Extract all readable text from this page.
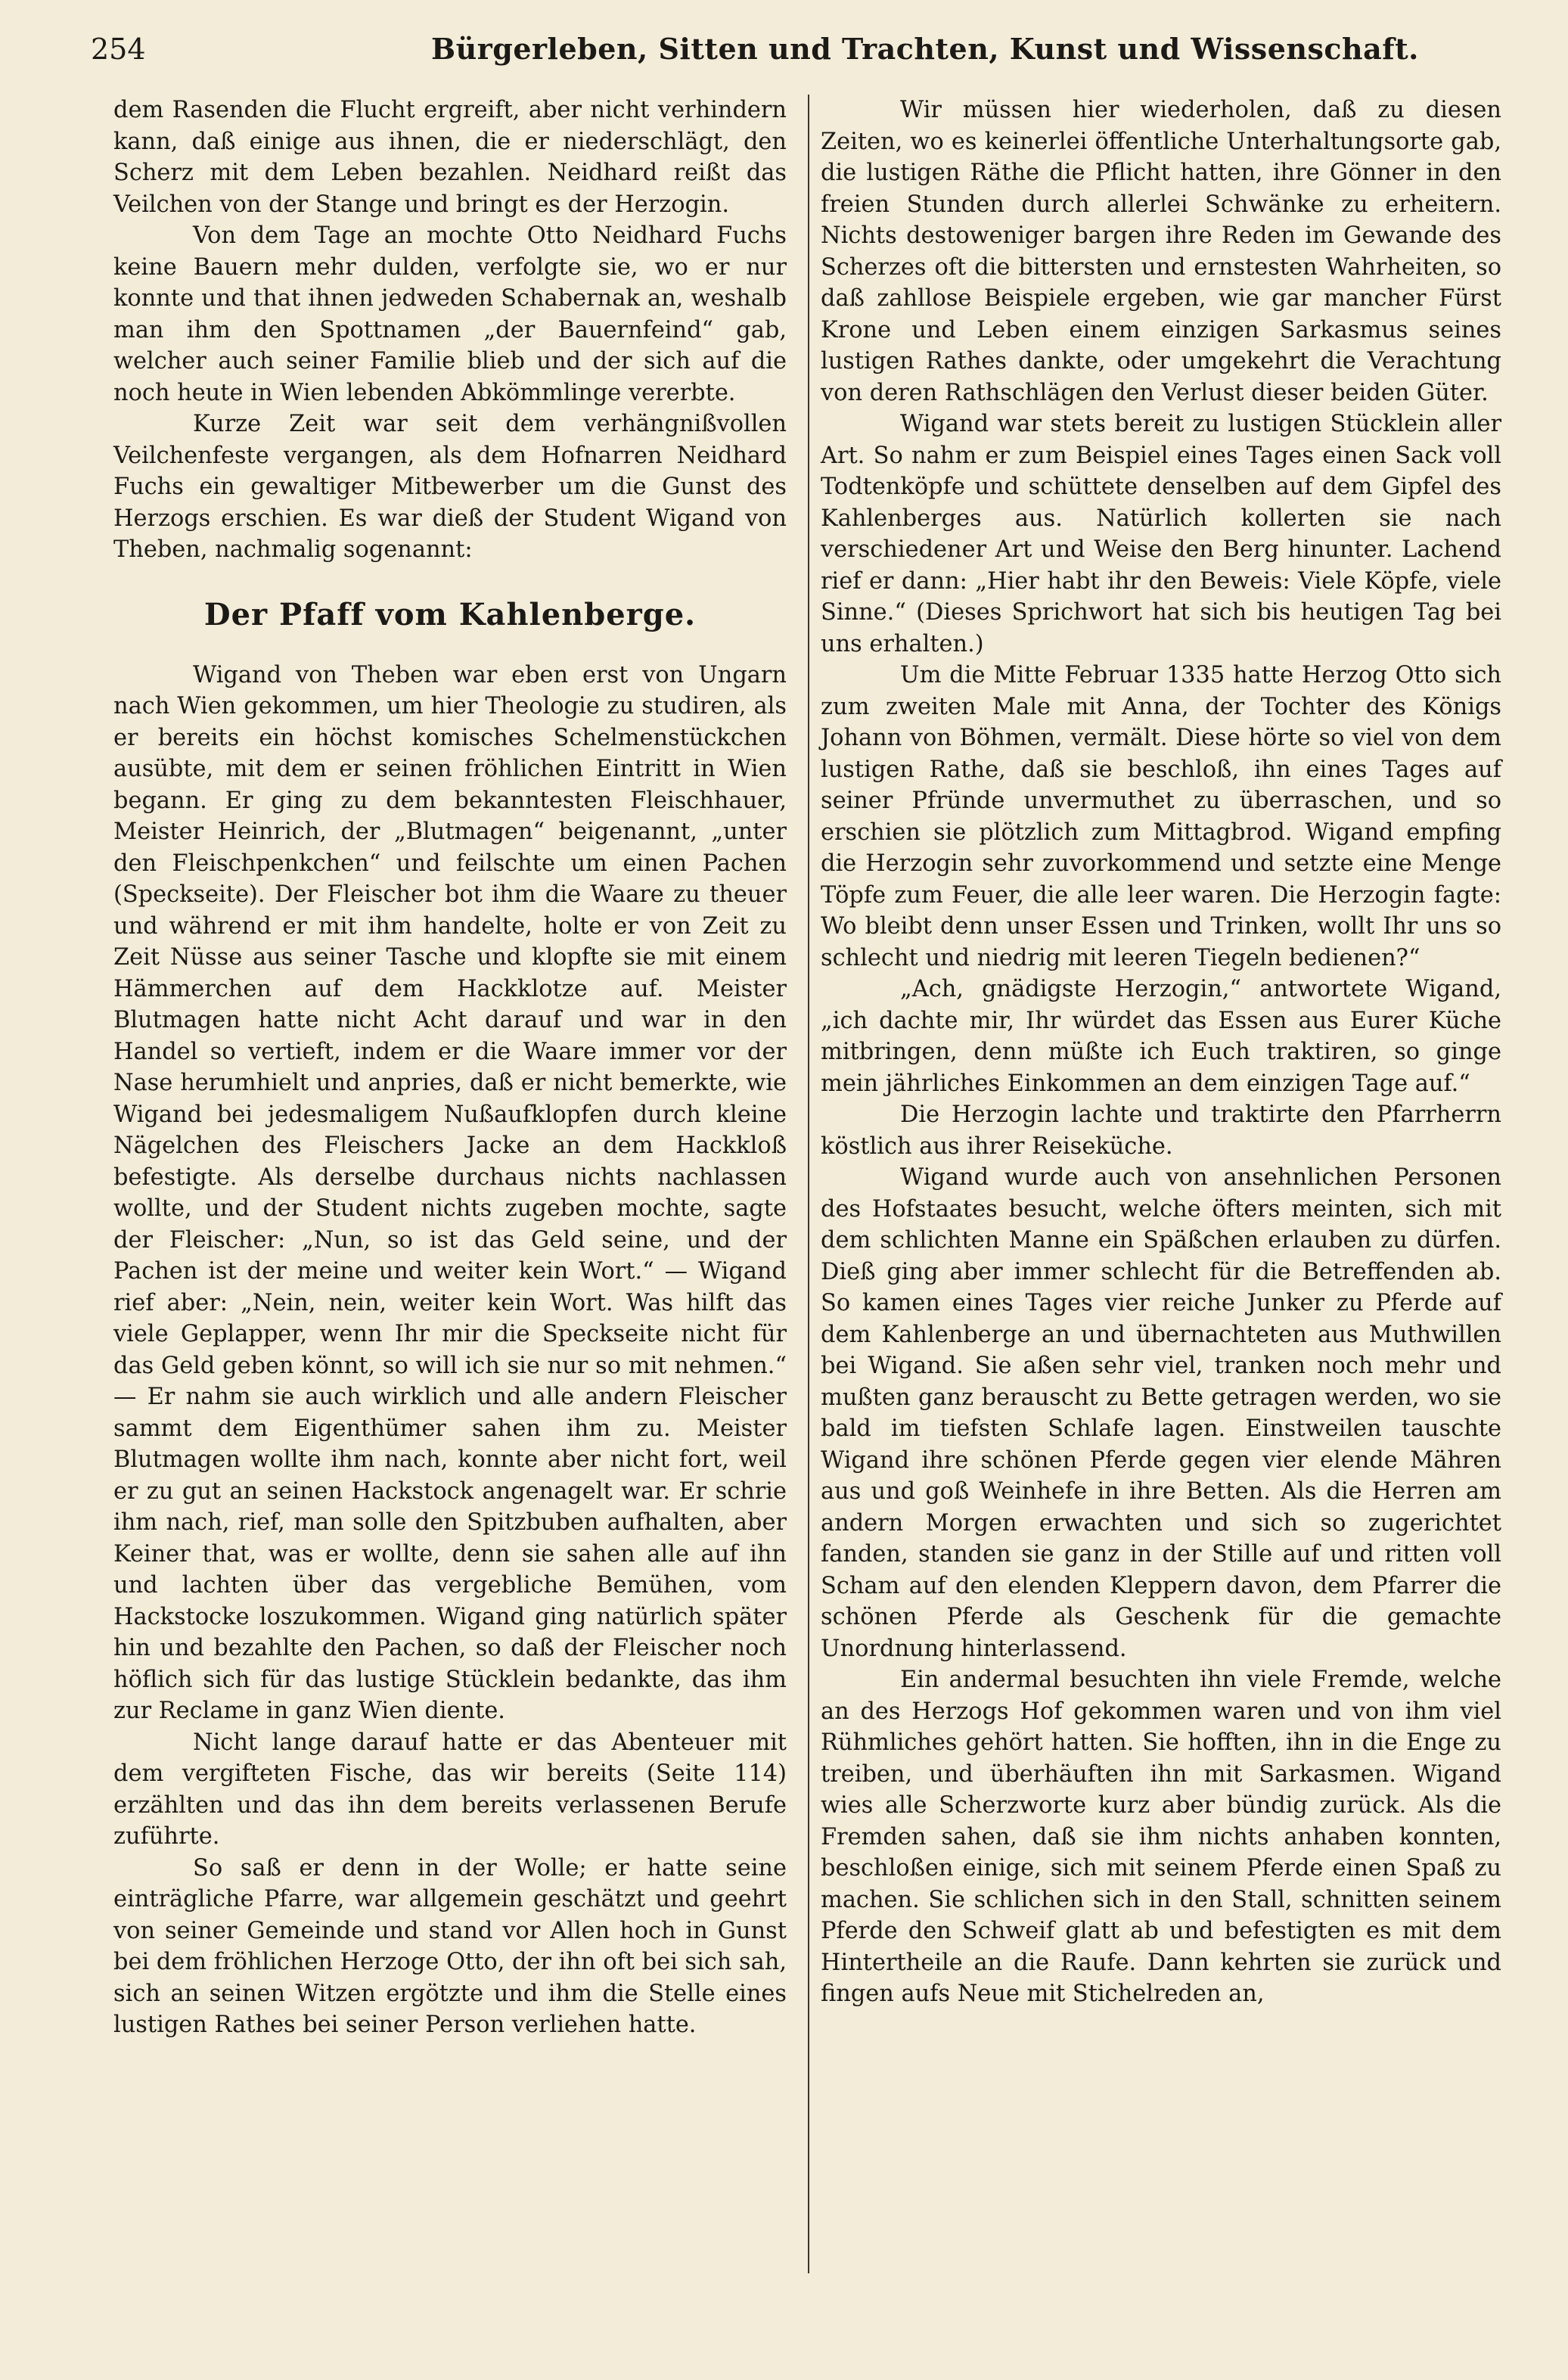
254	Bürgerleben, Sitten und Trachten, Kunst und Wissenschaft.

dem Rasenden die Flucht ergreift, aber nicht verhindern kann, daß einige aus ihnen, die er niederschlägt, den Scherz mit dem Leben bezahlen. Neidhard reißt das Veilchen von der Stange und bringt es der Herzogin.

Von dem Tage an mochte Otto Neidhard Fuchs keine Bauern mehr dulden, verfolgte sie, wo er nur konnte und that ihnen jedweden Schabernak an, weshalb man ihm den Spottnamen „der Bauernfeind“ gab, welcher auch seiner Familie blieb und der sich auf die noch heute in Wien lebenden Abkömmlinge vererbte.

Kurze Zeit war seit dem verhängnißvollen Veilchenfeste vergangen, als dem Hofnarren Neidhard Fuchs ein gewaltiger Mitbewerber um die Gunst des Herzogs erschien. Es war dieß der Student Wigand von Theben, nachmalig sogenannt:

Der Pfaff vom Kahlenberge.

Wigand von Theben war eben erst von Ungarn nach Wien gekommen, um hier Theologie zu studiren, als er bereits ein höchst komisches Schelmenstückchen ausübte, mit dem er seinen fröhlichen Eintritt in Wien begann. Er ging zu dem bekanntesten Fleischhauer, Meister Heinrich, der „Blutmagen“ beigenannt, „unter den Fleischpenkchen“ und feilschte um einen Pachen (Speckseite). Der Fleischer bot ihm die Waare zu theuer und während er mit ihm handelte, holte er von Zeit zu Zeit Nüsse aus seiner Tasche und klopfte sie mit einem Hämmerchen auf dem Hackklotze auf. Meister Blutmagen hatte nicht Acht darauf und war in den Handel so vertieft, indem er die Waare immer vor der Nase herumhielt und anpries, daß er nicht bemerkte, wie Wigand bei jedesmaligem Nußaufklopfen durch kleine Nägelchen des Fleischers Jacke an dem Hackkloß befestigte. Als derselbe durchaus nichts nachlassen wollte, und der Student nichts zugeben mochte, sagte der Fleischer: „Nun, so ist das Geld seine, und der Pachen ist der meine und weiter kein Wort.“ — Wigand rief aber: „Nein, nein, weiter kein Wort. Was hilft das viele Geplapper, wenn Ihr mir die Speckseite nicht für das Geld geben könnt, so will ich sie nur so mit nehmen.“ — Er nahm sie auch wirklich und alle andern Fleischer sammt dem Eigenthümer sahen ihm zu. Meister Blutmagen wollte ihm nach, konnte aber nicht fort, weil er zu gut an seinen Hackstock angenagelt war. Er schrie ihm nach, rief, man solle den Spitzbuben aufhalten, aber Keiner that, was er wollte, denn sie sahen alle auf ihn und lachten über das vergebliche Bemühen, vom Hackstocke loszukommen. Wigand ging natürlich später hin und bezahlte den Pachen, so daß der Fleischer noch höflich sich für das lustige Stücklein bedankte, das ihm zur Reclame in ganz Wien diente.

Nicht lange darauf hatte er das Abenteuer mit dem vergifteten Fische, das wir bereits (Seite 114) erzählten und das ihn dem bereits verlassenen Berufe zuführte.

So saß er denn in der Wolle; er hatte seine einträgliche Pfarre, war allgemein geschätzt und geehrt von seiner Gemeinde und stand vor Allen hoch in Gunst bei dem fröhlichen Herzoge Otto, der ihn oft bei sich sah, sich an seinen Witzen ergötzte und ihm die Stelle eines lustigen Rathes bei seiner Person verliehen hatte.

Wir müssen hier wiederholen, daß zu diesen Zeiten, wo es keinerlei öffentliche Unterhaltungsorte gab, die lustigen Räthe die Pflicht hatten, ihre Gönner in den freien Stunden durch allerlei Schwänke zu erheitern. Nichts destoweniger bargen ihre Reden im Gewande des Scherzes oft die bittersten und ernstesten Wahrheiten, so daß zahllose Beispiele ergeben, wie gar mancher Fürst Krone und Leben einem einzigen Sarkasmus seines lustigen Rathes dankte, oder umgekehrt die Verachtung von deren Rathschlägen den Verlust dieser beiden Güter.

Wigand war stets bereit zu lustigen Stücklein aller Art. So nahm er zum Beispiel eines Tages einen Sack voll Todtenköpfe und schüttete denselben auf dem Gipfel des Kahlenberges aus. Natürlich kollerten sie nach verschiedener Art und Weise den Berg hinunter. Lachend rief er dann: „Hier habt ihr den Beweis: Viele Köpfe, viele Sinne.“ (Dieses Sprichwort hat sich bis heutigen Tag bei uns erhalten.)

Um die Mitte Februar 1335 hatte Herzog Otto sich zum zweiten Male mit Anna, der Tochter des Königs Johann von Böhmen, vermält. Diese hörte so viel von dem lustigen Rathe, daß sie beschloß, ihn eines Tages auf seiner Pfründe unvermuthet zu überraschen, und so erschien sie plötzlich zum Mittagbrod. Wigand empfing die Herzogin sehr zuvorkommend und setzte eine Menge Töpfe zum Feuer, die alle leer waren. Die Herzogin fagte: Wo bleibt denn unser Essen und Trinken, wollt Ihr uns so schlecht und niedrig mit leeren Tiegeln bedienen?“

„Ach, gnädigste Herzogin,“ antwortete Wigand, „ich dachte mir, Ihr würdet das Essen aus Eurer Küche mitbringen, denn müßte ich Euch traktiren, so ginge mein jährliches Einkommen an dem einzigen Tage auf.“

Die Herzogin lachte und traktirte den Pfarrherrn köstlich aus ihrer Reiseküche.

Wigand wurde auch von ansehnlichen Personen des Hofstaates besucht, welche öfters meinten, sich mit dem schlichten Manne ein Späßchen erlauben zu dürfen. Dieß ging aber immer schlecht für die Betreffenden ab. So kamen eines Tages vier reiche Junker zu Pferde auf dem Kahlenberge an und übernachteten aus Muthwillen bei Wigand. Sie aßen sehr viel, tranken noch mehr und mußten ganz berauscht zu Bette getragen werden, wo sie bald im tiefsten Schlafe lagen. Einstweilen tauschte Wigand ihre schönen Pferde gegen vier elende Mähren aus und goß Weinhefe in ihre Betten. Als die Herren am andern Morgen erwachten und sich so zugerichtet fanden, standen sie ganz in der Stille auf und ritten voll Scham auf den elenden Kleppern davon, dem Pfarrer die schönen Pferde als Geschenk für die gemachte Unordnung hinterlassend.

Ein andermal besuchten ihn viele Fremde, welche an des Herzogs Hof gekommen waren und von ihm viel Rühmliches gehört hatten. Sie hofften, ihn in die Enge zu treiben, und überhäuften ihn mit Sarkasmen. Wigand wies alle Scherzworte kurz aber bündig zurück. Als die Fremden sahen, daß sie ihm nichts anhaben konnten, beschloßen einige, sich mit seinem Pferde einen Spaß zu machen. Sie schlichen sich in den Stall, schnitten seinem Pferde den Schweif glatt ab und befestigten es mit dem Hintertheile an die Raufe. Dann kehrten sie zurück und fingen aufs Neue mit Stichelreden an,
